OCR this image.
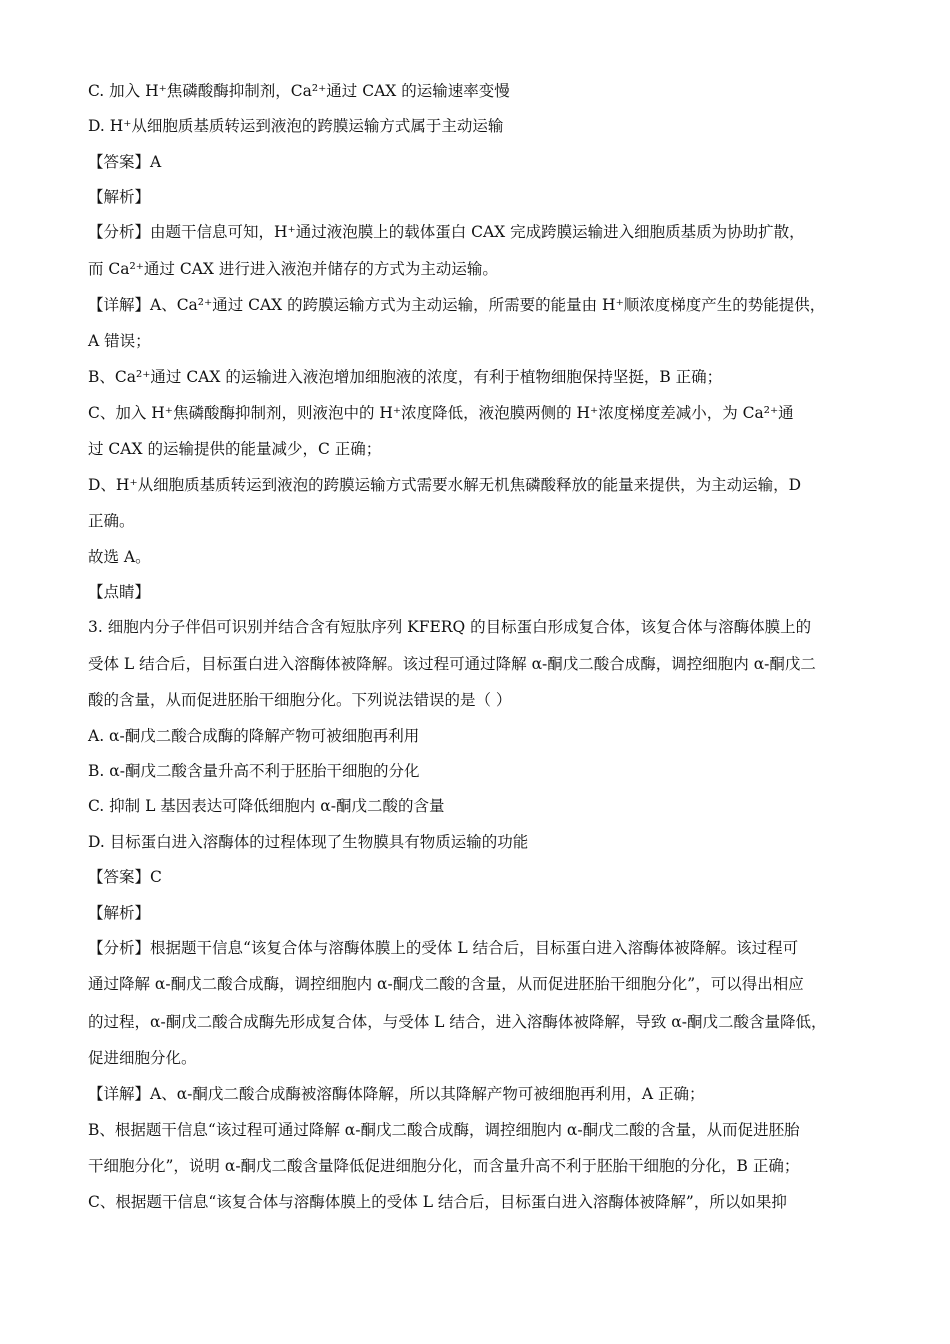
C. 加入 H⁺焦磷酸酶抑制剂，Ca²⁺通过 CAX 的运输速率变慢
D. H⁺从细胞质基质转运到液泡的跨膜运输方式属于主动运输
【答案】A
【解析】
【分析】由题干信息可知，H⁺通过液泡膜上的载体蛋白 CAX 完成跨膜运输进入细胞质基质为协助扩散，
而 Ca²⁺通过 CAX 进行进入液泡并储存的方式为主动运输。
【详解】A、Ca²⁺通过 CAX 的跨膜运输方式为主动运输，所需要的能量由 H⁺顺浓度梯度产生的势能提供，
A 错误；
B、Ca²⁺通过 CAX 的运输进入液泡增加细胞液的浓度，有利于植物细胞保持坚挺，B 正确；
C、加入 H⁺焦磷酸酶抑制剂，则液泡中的 H⁺浓度降低，液泡膜两侧的 H⁺浓度梯度差减小，为 Ca²⁺通
过 CAX 的运输提供的能量减少，C 正确；
D、H⁺从细胞质基质转运到液泡的跨膜运输方式需要水解无机焦磷酸释放的能量来提供，为主动运输，D
正确。
故选 A。
【点睛】
3. 细胞内分子伴侣可识别并结合含有短肽序列 KFERQ 的目标蛋白形成复合体，该复合体与溶酶体膜上的
受体 L 结合后，目标蛋白进入溶酶体被降解。该过程可通过降解 α-酮戊二酸合成酶，调控细胞内 α-酮戊二
酸的含量，从而促进胚胎干细胞分化。下列说法错误的是（ ）
A. α-酮戊二酸合成酶的降解产物可被细胞再利用
B. α-酮戊二酸含量升高不利于胚胎干细胞的分化
C. 抑制 L 基因表达可降低细胞内 α-酮戊二酸的含量
D. 目标蛋白进入溶酶体的过程体现了生物膜具有物质运输的功能
【答案】C
【解析】
【分析】根据题干信息“该复合体与溶酶体膜上的受体 L 结合后，目标蛋白进入溶酶体被降解。该过程可
通过降解 α-酮戊二酸合成酶，调控细胞内 α-酮戊二酸的含量，从而促进胚胎干细胞分化”，可以得出相应
的过程，α-酮戊二酸合成酶先形成复合体，与受体 L 结合，进入溶酶体被降解，导致 α-酮戊二酸含量降低，
促进细胞分化。
【详解】A、α-酮戊二酸合成酶被溶酶体降解，所以其降解产物可被细胞再利用，A 正确；
B、根据题干信息“该过程可通过降解 α-酮戊二酸合成酶，调控细胞内 α-酮戊二酸的含量，从而促进胚胎
干细胞分化”，说明 α-酮戊二酸含量降低促进细胞分化，而含量升高不利于胚胎干细胞的分化，B 正确；
C、根据题干信息“该复合体与溶酶体膜上的受体 L 结合后，目标蛋白进入溶酶体被降解”，所以如果抑
